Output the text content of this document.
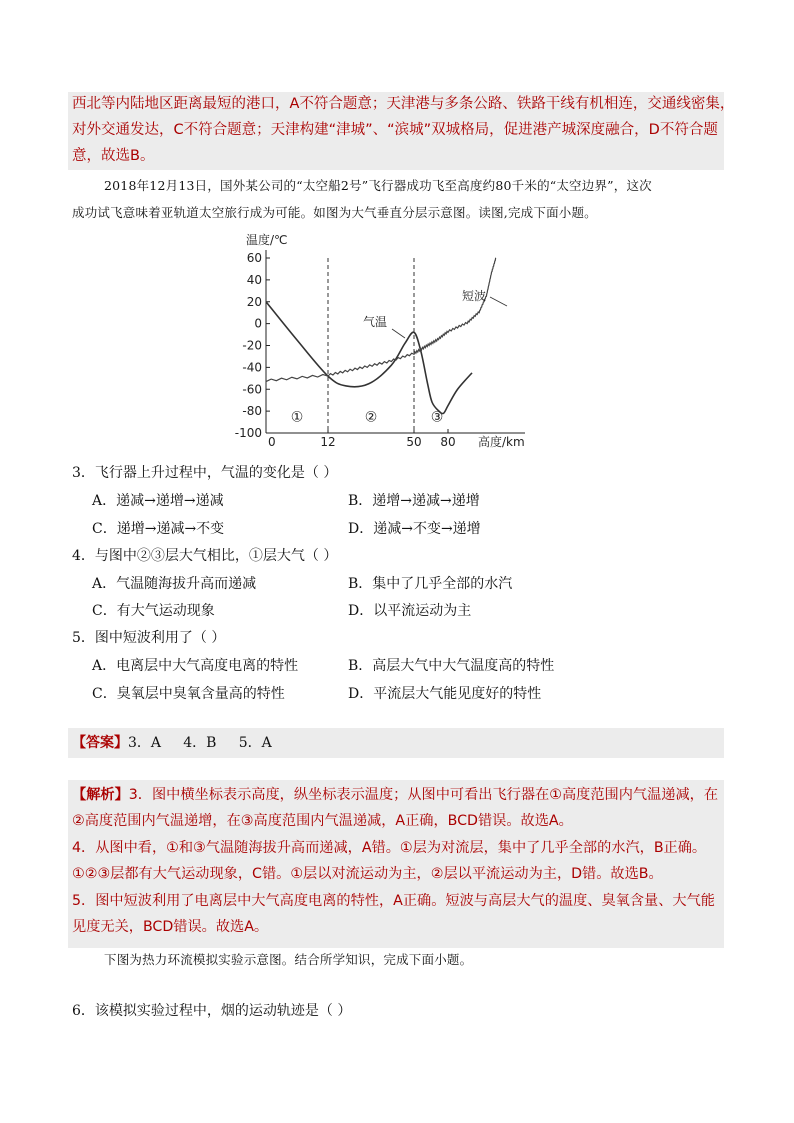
西北等内陆地区距离最短的港口，A不符合题意；天津港与多条公路、铁路干线有机相连，交通线密集，
对外交通发达，C不符合题意；天津构建“津城”、“滨城”双城格局，促进港产城深度融合，D不符合题
意，故选B。
2018年12月13日，国外某公司的“太空船2号”飞行器成功飞至高度约80千米的“太空边界”，这次
成功试飞意味着亚轨道太空旅行成为可能。如图为大气垂直分层示意图。读图,完成下面小题。
温度/℃
60
40
20
0
-20
-40
-60
-80
-100
0	12	50 80
①	②	③
气温
短波
高度/km
3．飞行器上升过程中，气温的变化是（ ）
A．递减→递增→递减	B．递增→递减→递增
C．递增→递减→不变	D．递减→不变→递增
4．与图中②③层大气相比，①层大气（ ）
A．气温随海拔升高而递减	B．集中了几乎全部的水汽
C．有大气运动现象	D．以平流运动为主
5．图中短波利用了（ ）
A．电离层中大气高度电离的特性	B．高层大气中大气温度高的特性
C．臭氧层中臭氧含量高的特性	D．平流层大气能见度好的特性
【答案】3．A     4．B     5．A
【解析】3．图中横坐标表示高度，纵坐标表示温度；从图中可看出飞行器在①高度范围内气温递减，在
②高度范围内气温递增，在③高度范围内气温递减，A正确，BCD错误。故选A。
4．从图中看，①和③气温随海拔升高而递减，A错。①层为对流层，集中了几乎全部的水汽，B正确。
①②③层都有大气运动现象，C错。①层以对流运动为主，②层以平流运动为主，D错。故选B。
5．图中短波利用了电离层中大气高度电离的特性，A正确。短波与高层大气的温度、臭氧含量、大气能
见度无关，BCD错误。故选A。
下图为热力环流模拟实验示意图。结合所学知识，完成下面小题。
6．该模拟实验过程中，烟的运动轨迹是（ ）
